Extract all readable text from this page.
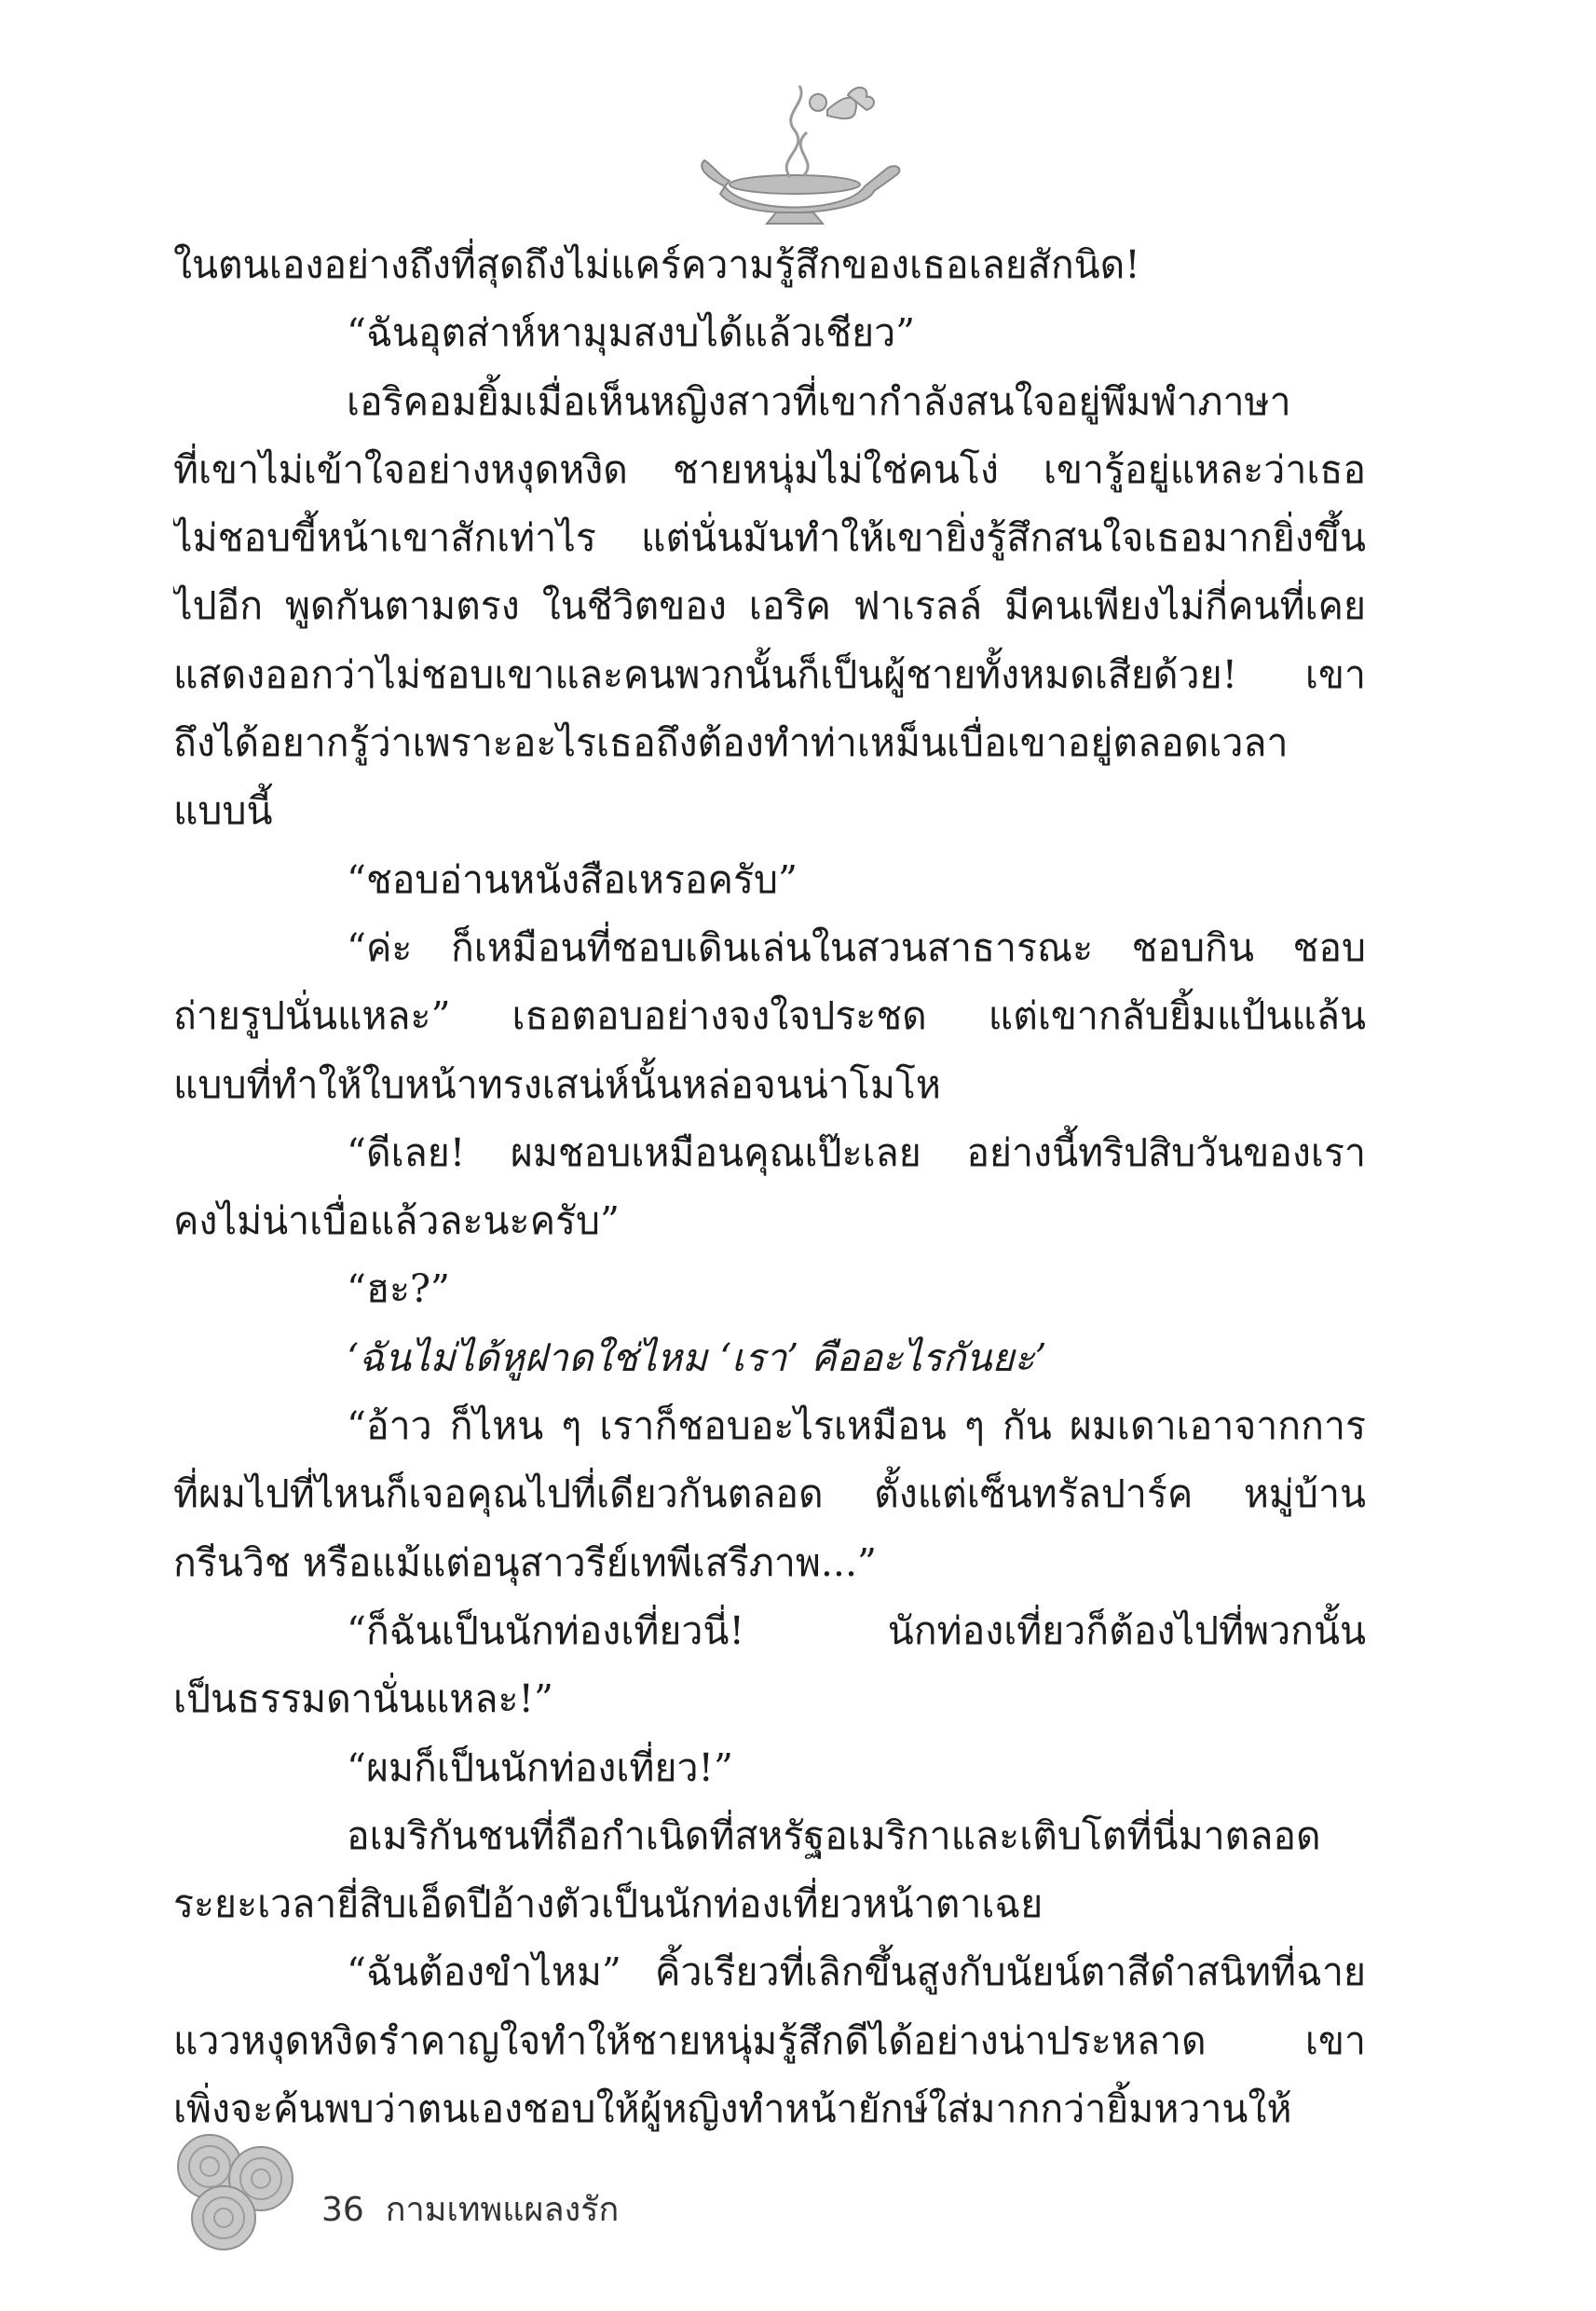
ในตนเองอย่างถึงที่สุดถึงไม่แคร์ความรู้สึกของเธอเลยสักนิด!
“ฉันอุตส่าห์หามุมสงบได้แล้วเชียว”
เอริคอมยิ้มเมื่อเห็นหญิงสาวที่เขากำลังสนใจอยู่พึมพำภาษา
ที่เขาไม่เข้าใจอย่างหงุดหงิด ชายหนุ่มไม่ใช่คนโง่ เขารู้อยู่แหละว่าเธอ
ไม่ชอบขี้หน้าเขาสักเท่าไร แต่นั่นมันทำให้เขายิ่งรู้สึกสนใจเธอมากยิ่งขึ้น
ไปอีก พูดกันตามตรง ในชีวิตของ เอริค ฟาเรลล์ มีคนเพียงไม่กี่คนที่เคย
แสดงออกว่าไม่ชอบเขาและคนพวกนั้นก็เป็นผู้ชายทั้งหมดเสียด้วย! เขา
ถึงได้อยากรู้ว่าเพราะอะไรเธอถึงต้องทำท่าเหม็นเบื่อเขาอยู่ตลอดเวลา
แบบนี้
“ชอบอ่านหนังสือเหรอครับ”
“ค่ะ ก็เหมือนที่ชอบเดินเล่นในสวนสาธารณะ ชอบกิน ชอบ
ถ่ายรูปนั่นแหละ” เธอตอบอย่างจงใจประชด แต่เขากลับยิ้มแป้นแล้น
แบบที่ทำให้ใบหน้าทรงเสน่ห์นั้นหล่อจนน่าโมโห
“ดีเลย! ผมชอบเหมือนคุณเป๊ะเลย อย่างนี้ทริปสิบวันของเรา
คงไม่น่าเบื่อแล้วละนะครับ”
“ฮะ?”
‘ฉันไม่ได้หูฝาดใช่ไหม ‘เรา’ คืออะไรกันยะ’
“อ้าว ก็ไหน ๆ เราก็ชอบอะไรเหมือน ๆ กัน ผมเดาเอาจากการ
ที่ผมไปที่ไหนก็เจอคุณไปที่เดียวกันตลอด ตั้งแต่เซ็นทรัลปาร์ค หมู่บ้าน
กรีนวิช หรือแม้แต่อนุสาวรีย์เทพีเสรีภาพ...”
“ก็ฉันเป็นนักท่องเที่ยวนี่! นักท่องเที่ยวก็ต้องไปที่พวกนั้น
เป็นธรรมดานั่นแหละ!”
“ผมก็เป็นนักท่องเที่ยว!”
อเมริกันชนที่ถือกำเนิดที่สหรัฐอเมริกาและเติบโตที่นี่มาตลอด
ระยะเวลายี่สิบเอ็ดปีอ้างตัวเป็นนักท่องเที่ยวหน้าตาเฉย
“ฉันต้องขำไหม” คิ้วเรียวที่เลิกขึ้นสูงกับนัยน์ตาสีดำสนิทที่ฉาย
แววหงุดหงิดรำคาญใจทำให้ชายหนุ่มรู้สึกดีได้อย่างน่าประหลาด เขา
เพิ่งจะค้นพบว่าตนเองชอบให้ผู้หญิงทำหน้ายักษ์ใส่มากกว่ายิ้มหวานให้
36 กามเทพแผลงรัก
